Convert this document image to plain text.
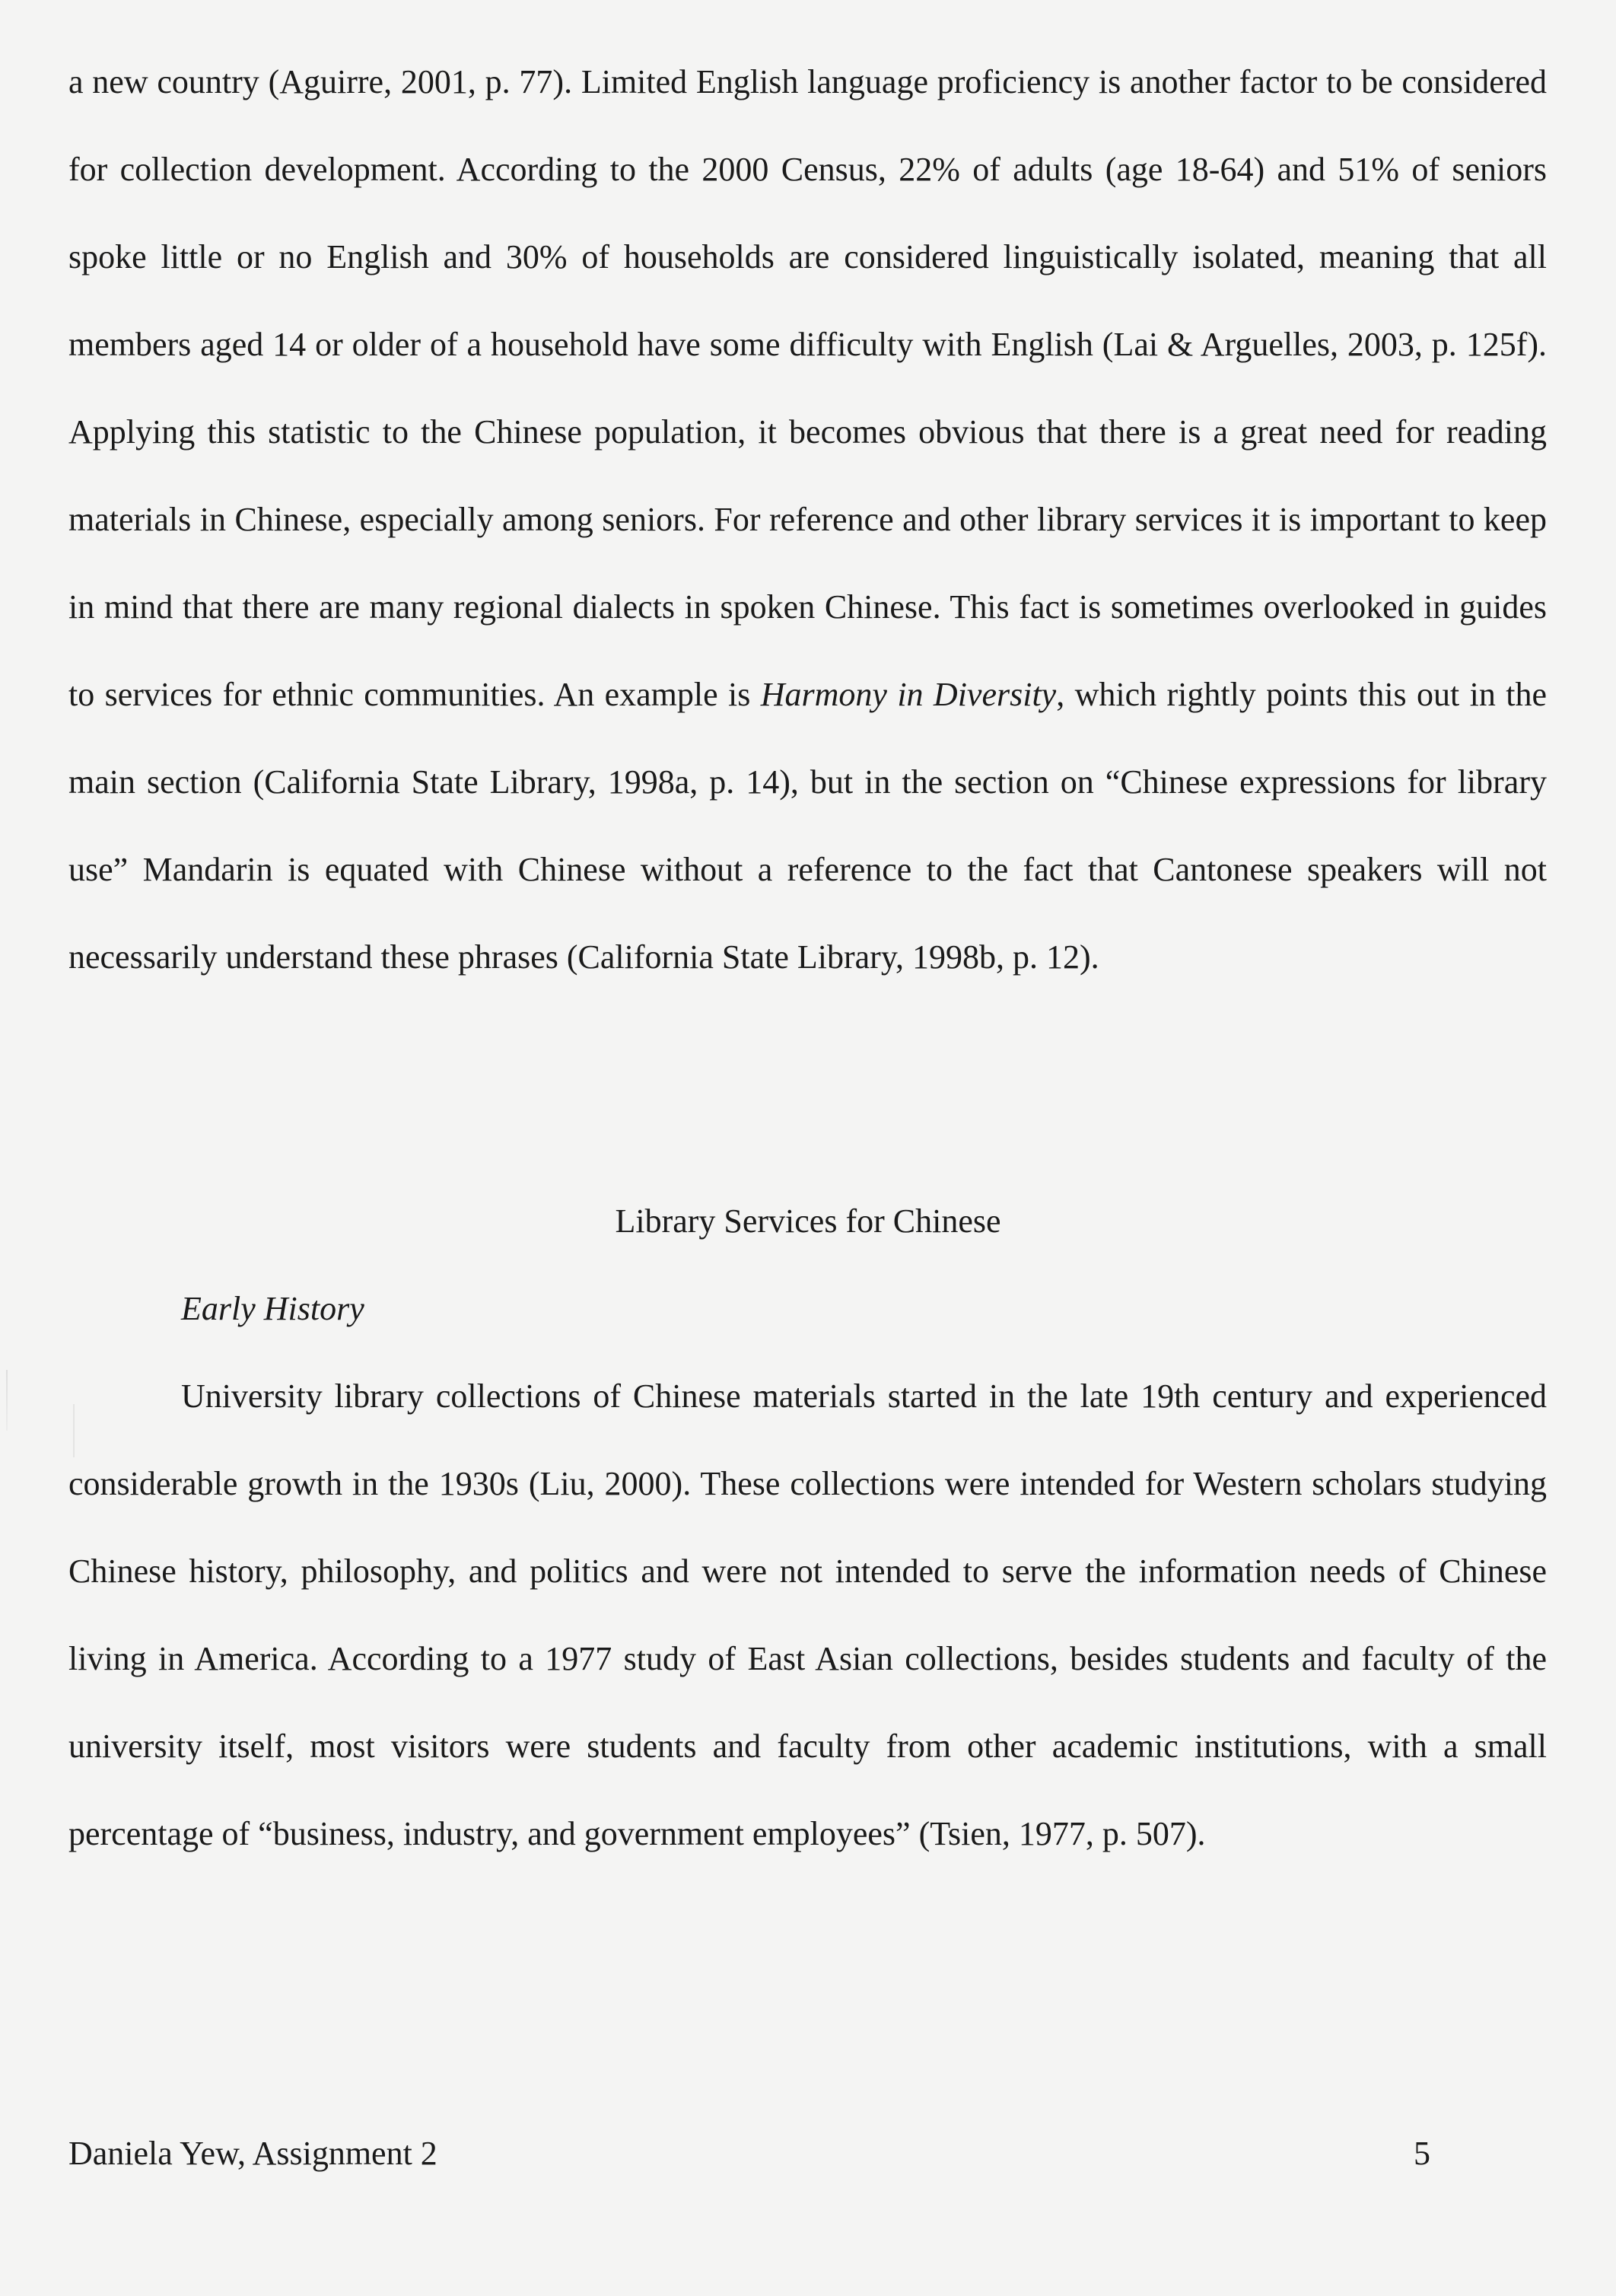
a new country (Aguirre, 2001, p. 77). Limited English language proficiency is another factor to be considered for collection development. According to the 2000 Census, 22% of adults (age 18-64) and 51% of seniors spoke little or no English and 30% of households are considered linguistically isolated, meaning that all members aged 14 or older of a household have some difficulty with English (Lai & Arguelles, 2003, p. 125f). Applying this statistic to the Chinese population, it becomes obvious that there is a great need for reading materials in Chinese, especially among seniors. For reference and other library services it is important to keep in mind that there are many regional dialects in spoken Chinese. This fact is sometimes overlooked in guides to services for ethnic communities. An example is Harmony in Diversity, which rightly points this out in the main section (California State Library, 1998a, p. 14), but in the section on “Chinese expressions for library use” Mandarin is equated with Chinese without a reference to the fact that Cantonese speakers will not necessarily understand these phrases (California State Library, 1998b, p. 12).

Library Services for Chinese
Early History

University library collections of Chinese materials started in the late 19th century and experienced considerable growth in the 1930s (Liu, 2000). These collections were intended for Western scholars studying Chinese history, philosophy, and politics and were not intended to serve the information needs of Chinese living in America. According to a 1977 study of East Asian collections, besides students and faculty of the university itself, most visitors were students and faculty from other academic institutions, with a small percentage of “business, industry, and government employees” (Tsien, 1977, p. 507).

Daniela Yew, Assignment 2	5
